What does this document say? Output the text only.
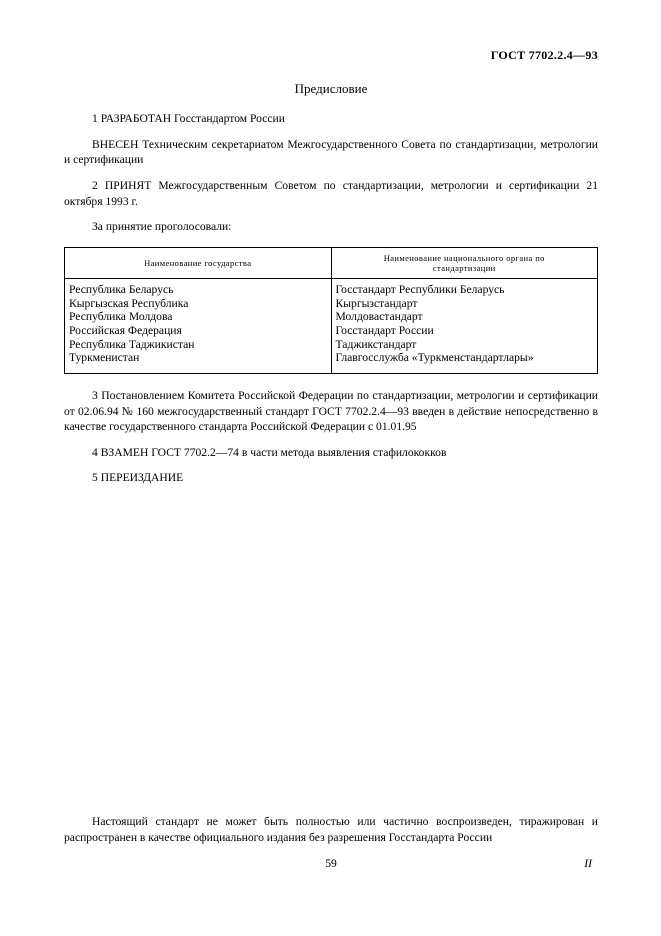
ГОСТ 7702.2.4—93
Предисловие

1 РАЗРАБОТАН Госстандартом России

ВНЕСЕН Техническим секретариатом Межгосударственного Совета по стандартизации, метрологии и сертификации

2 ПРИНЯТ Межгосударственным Советом по стандартизации, метрологии и сертификации 21 октября 1993 г.

За принятие проголосовали:

Наименование государства	Наименование национального органа по стандартизации

Республика Беларусь	Госстандарт Республики Беларусь
Кыргызская Республика	Кыргызстандарт
Республика Молдова	Молдовастандарт
Российская Федерация	Госстандарт России
Республика Таджикистан	Таджикстандарт
Туркменистан	Главгосслужба «Туркменстандартлары»

3 Постановлением Комитета Российской Федерации по стандартизации, метрологии и сертификации от 02.06.94 № 160 межгосударственный стандарт ГОСТ 7702.2.4—93 введен в действие непосредственно в качестве государственного стандарта Российской Федерации с 01.01.95

4 ВЗАМЕН ГОСТ 7702.2—74 в части метода выявления стафилококков

5 ПЕРЕИЗДАНИЕ

Настоящий стандарт не может быть полностью или частично воспроизведен, тиражирован и распространен в качестве официального издания без разрешения Госстандарта России

59	II
